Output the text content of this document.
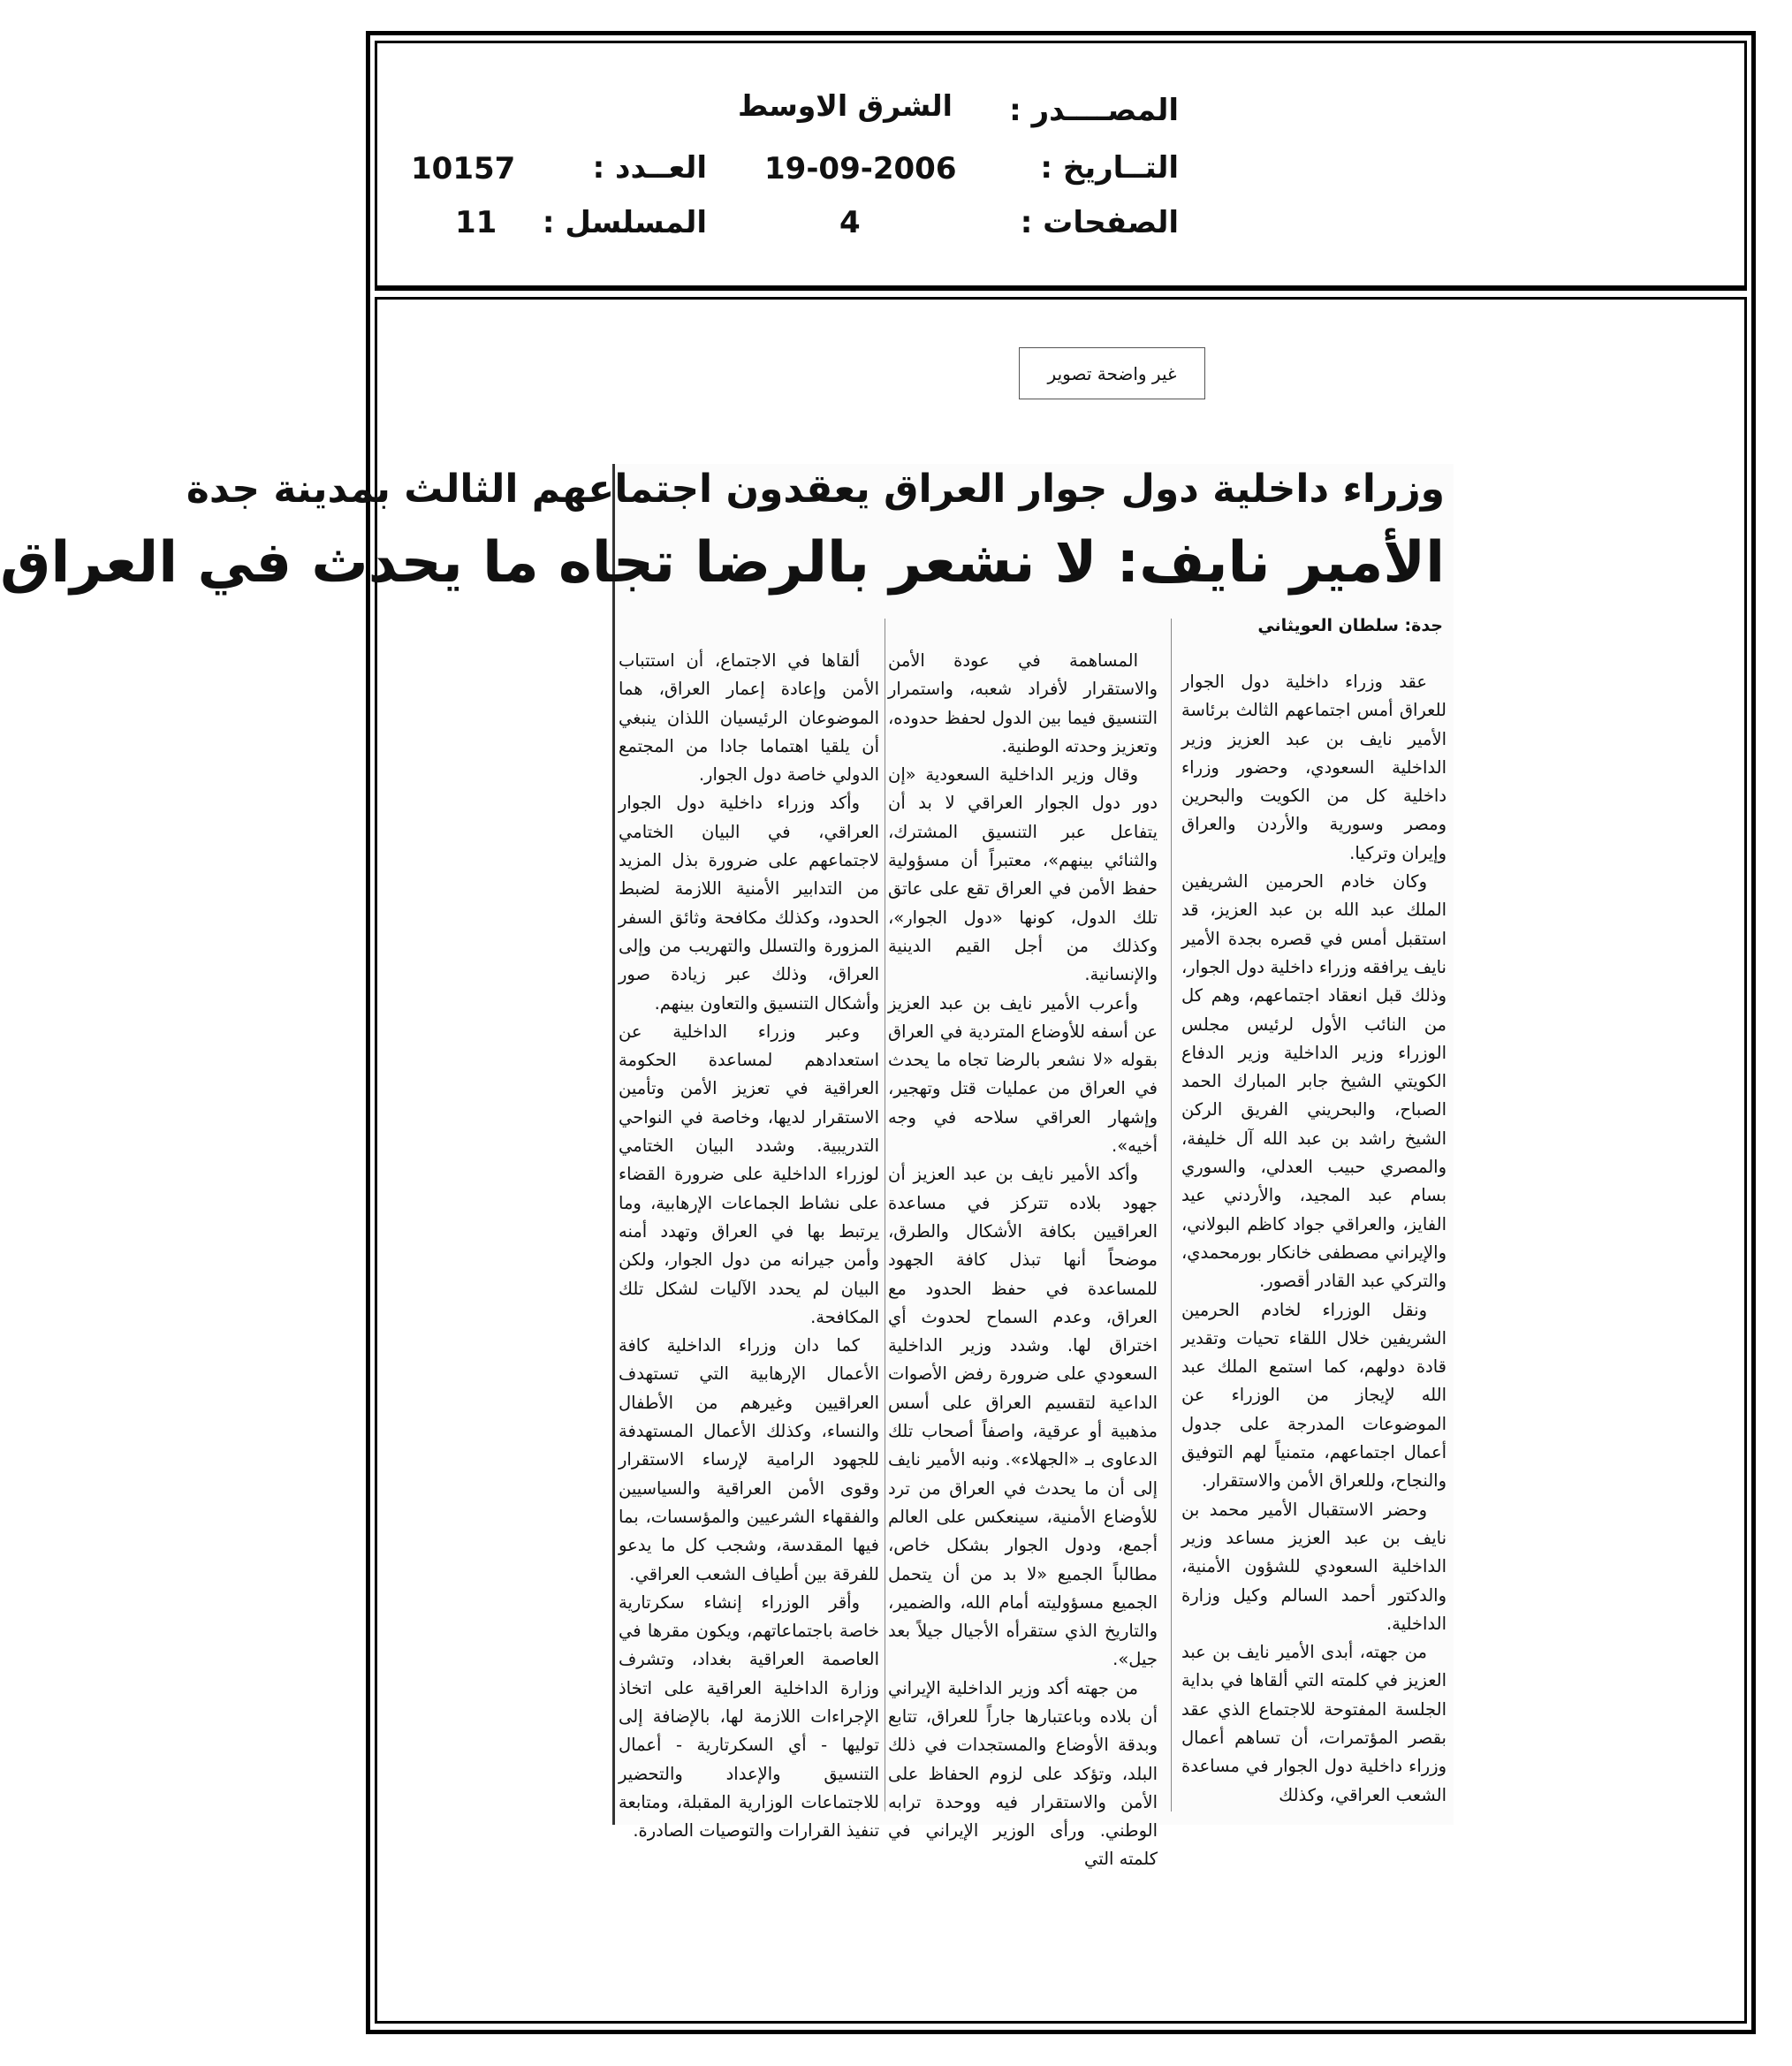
المصــــدر :
الشرق الاوسط
التــاريخ :
19-09-2006
الصفحات :
4
العــدد :
10157
المسلسل :
11
غير واضحة تصوير
وزراء داخلية دول جوار العراق يعقدون اجتماعهم الثالث بمدينة جدة
الأمير نايف: لا نشعر بالرضا تجاه ما يحدث في العراق
جدة: سلطان العويثاني

عقد وزراء داخلية دول الجوار للعراق أمس اجتماعهم الثالث برئاسة الأمير نايف بن عبد العزيز وزير الداخلية السعودي، وحضور وزراء داخلية كل من الكويت والبحرين ومصر وسورية والأردن والعراق وإيران وتركيا.

وكان خادم الحرمين الشريفين الملك عبد الله بن عبد العزيز، قد استقبل أمس في قصره بجدة الأمير نايف يرافقه وزراء داخلية دول الجوار، وذلك قبل انعقاد اجتماعهم، وهم كل من النائب الأول لرئيس مجلس الوزراء وزير الداخلية وزير الدفاع الكويتي الشيخ جابر المبارك الحمد الصباح، والبحريني الفريق الركن الشيخ راشد بن عبد الله آل خليفة، والمصري حبيب العدلي، والسوري بسام عبد المجيد، والأردني عيد الفايز، والعراقي جواد كاظم البولاني، والإيراني مصطفى خانكار بورمحمدي، والتركي عبد القادر أقصور.

ونقل الوزراء لخادم الحرمين الشريفين خلال اللقاء تحيات وتقدير قادة دولهم، كما استمع الملك عبد الله لإيجاز من الوزراء عن الموضوعات المدرجة على جدول أعمال اجتماعهم، متمنياً لهم التوفيق والنجاح، وللعراق الأمن والاستقرار.

وحضر الاستقبال الأمير محمد بن نايف بن عبد العزيز مساعد وزير الداخلية السعودي للشؤون الأمنية، والدكتور أحمد السالم وكيل وزارة الداخلية.

من جهته، أبدى الأمير نايف بن عبد العزيز في كلمته التي ألقاها في بداية الجلسة المفتوحة للاجتماع الذي عقد بقصر المؤتمرات، أن تساهم أعمال وزراء داخلية دول الجوار في مساعدة الشعب العراقي، وكذلك

المساهمة في عودة الأمن والاستقرار لأفراد شعبه، واستمرار التنسيق فيما بين الدول لحفظ حدوده، وتعزيز وحدته الوطنية.

وقال وزير الداخلية السعودية «إن دور دول الجوار العراقي لا بد أن يتفاعل عبر التنسيق المشترك، والثنائي بينهم»، معتبراً أن مسؤولية حفظ الأمن في العراق تقع على عاتق تلك الدول، كونها «دول الجوار»، وكذلك من أجل القيم الدينية والإنسانية.

وأعرب الأمير نايف بن عبد العزيز عن أسفه للأوضاع المتردية في العراق بقوله «لا نشعر بالرضا تجاه ما يحدث في العراق من عمليات قتل وتهجير، وإشهار العراقي سلاحه في وجه أخيه».

وأكد الأمير نايف بن عبد العزيز أن جهود بلاده تتركز في مساعدة العراقيين بكافة الأشكال والطرق، موضحاً أنها تبذل كافة الجهود للمساعدة في حفظ الحدود مع العراق، وعدم السماح لحدوث أي اختراق لها. وشدد وزير الداخلية السعودي على ضرورة رفض الأصوات الداعية لتقسيم العراق على أسس مذهبية أو عرقية، واصفاً أصحاب تلك الدعاوى بـ «الجهلاء». ونبه الأمير نايف إلى أن ما يحدث في العراق من ترد للأوضاع الأمنية، سينعكس على العالم أجمع، ودول الجوار بشكل خاص، مطالباً الجميع «لا بد من أن يتحمل الجميع مسؤوليته أمام الله، والضمير، والتاريخ الذي ستقرأه الأجيال جيلاً بعد جيل».

من جهته أكد وزير الداخلية الإيراني أن بلاده وباعتبارها جاراً للعراق، تتابع وبدقة الأوضاع والمستجدات في ذلك البلد، وتؤكد على لزوم الحفاظ على الأمن والاستقرار فيه ووحدة ترابه الوطني. ورأى الوزير الإيراني في كلمته التي

ألقاها في الاجتماع، أن استتباب الأمن وإعادة إعمار العراق، هما الموضوعان الرئيسيان اللذان ينبغي أن يلقيا اهتماما جادا من المجتمع الدولي خاصة دول الجوار.

وأكد وزراء داخلية دول الجوار العراقي، في البيان الختامي لاجتماعهم على ضرورة بذل المزيد من التدابير الأمنية اللازمة لضبط الحدود، وكذلك مكافحة وثائق السفر المزورة والتسلل والتهريب من وإلى العراق، وذلك عبر زيادة صور وأشكال التنسيق والتعاون بينهم.

وعبر وزراء الداخلية عن استعدادهم لمساعدة الحكومة العراقية في تعزيز الأمن وتأمين الاستقرار لديها، وخاصة في النواحي التدريبية. وشدد البيان الختامي لوزراء الداخلية على ضرورة القضاء على نشاط الجماعات الإرهابية، وما يرتبط بها في العراق وتهدد أمنه وأمن جيرانه من دول الجوار، ولكن البيان لم يحدد الآليات لشكل تلك المكافحة.

كما دان وزراء الداخلية كافة الأعمال الإرهابية التي تستهدف العراقيين وغيرهم من الأطفال والنساء، وكذلك الأعمال المستهدفة للجهود الرامية لإرساء الاستقرار وقوى الأمن العراقية والسياسيين والفقهاء الشرعيين والمؤسسات، بما فيها المقدسة، وشجب كل ما يدعو للفرقة بين أطياف الشعب العراقي.

وأقر الوزراء إنشاء سكرتارية خاصة باجتماعاتهم، ويكون مقرها في العاصمة العراقية بغداد، وتشرف وزارة الداخلية العراقية على اتخاذ الإجراءات اللازمة لها، بالإضافة إلى توليها - أي السكرتارية - أعمال التنسيق والإعداد والتحضير للاجتماعات الوزارية المقبلة، ومتابعة تنفيذ القرارات والتوصيات الصادرة.
